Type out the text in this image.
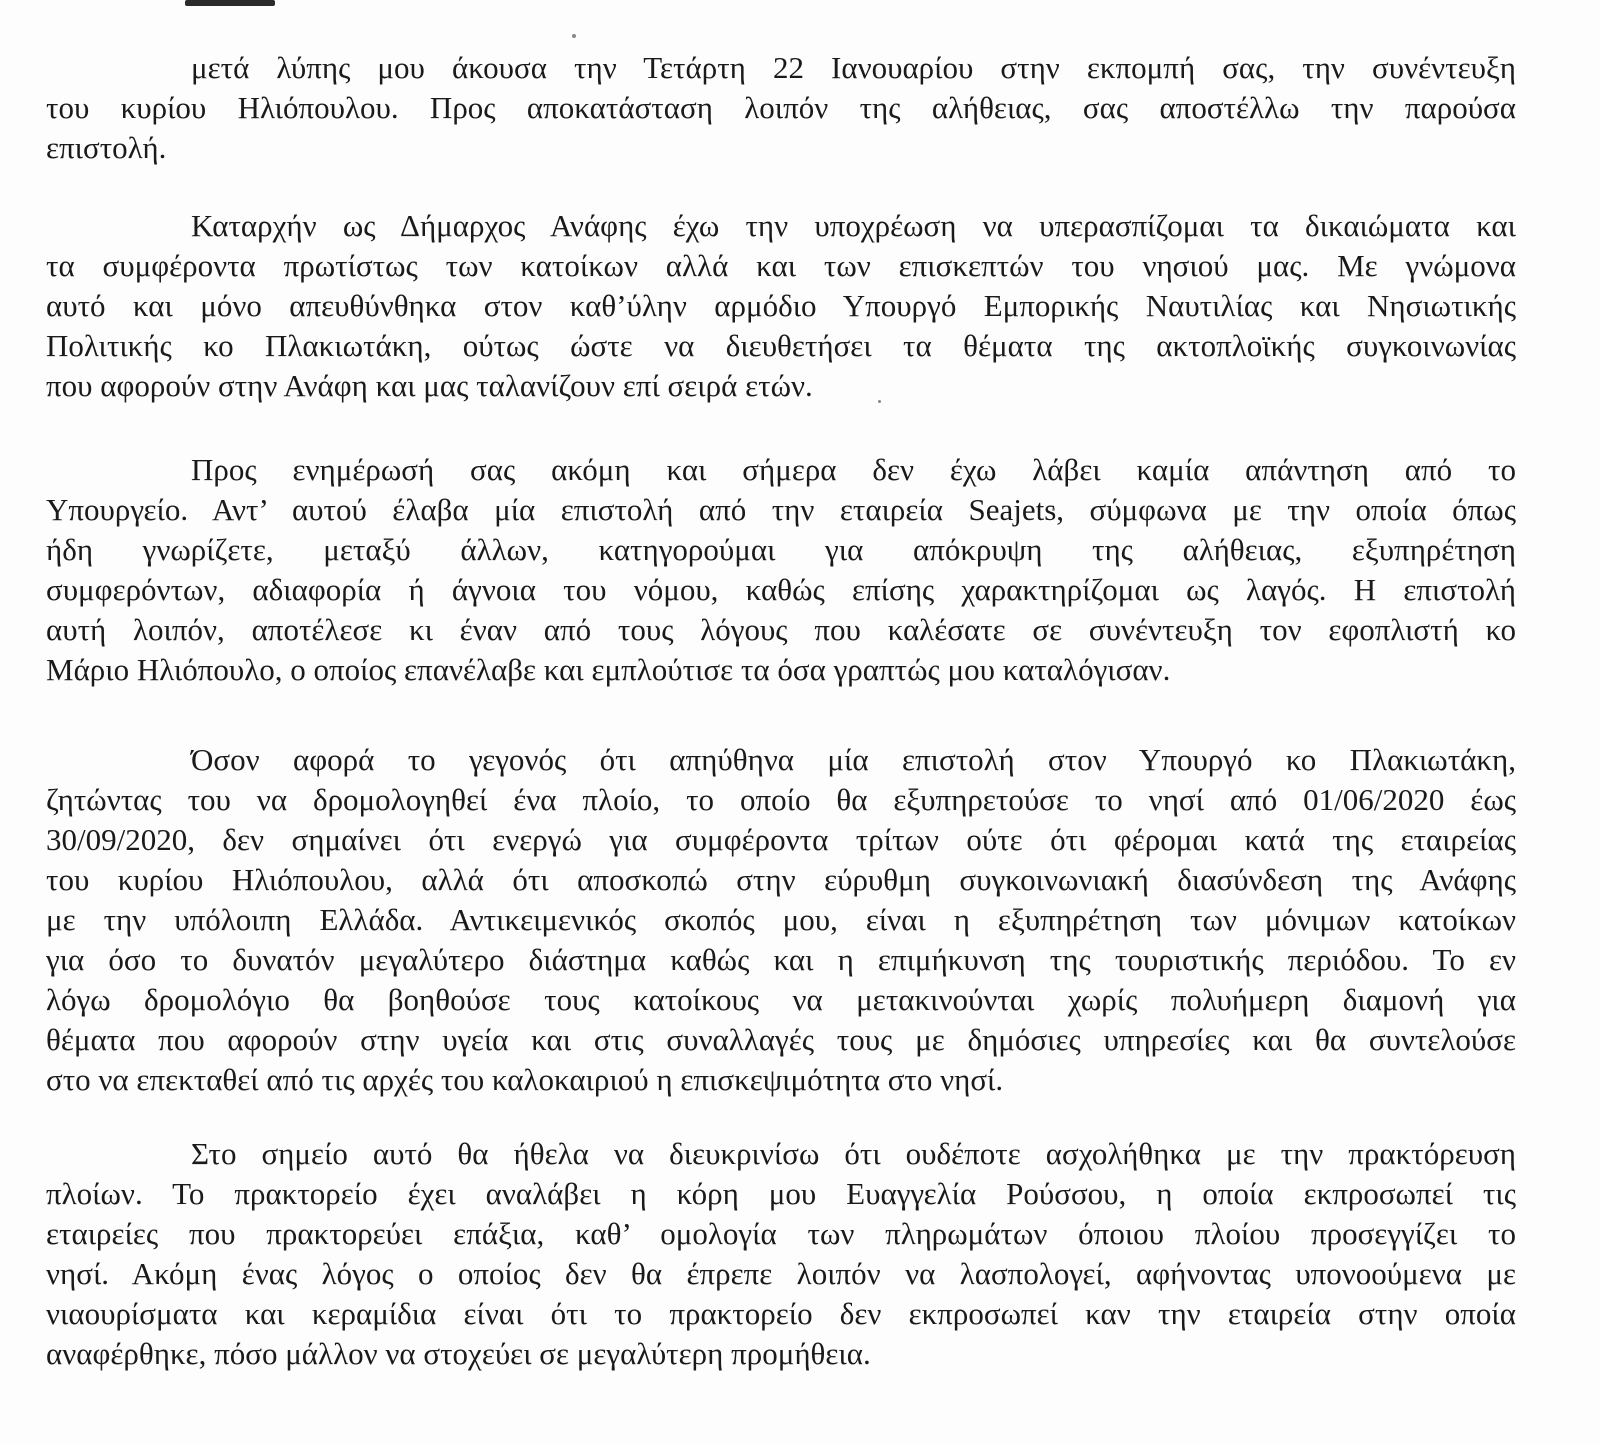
μετά λύπης μου άκουσα την Τετάρτη 22 Ιανουαρίου στην εκπομπή σας, την συνέντευξη
του κυρίου Ηλιόπουλου. Προς αποκατάσταση λοιπόν της αλήθειας, σας αποστέλλω την παρούσα
επιστολή.
Καταρχήν ως Δήμαρχος Ανάφης έχω την υποχρέωση να υπερασπίζομαι τα δικαιώματα και
τα συμφέροντα πρωτίστως των κατοίκων αλλά και των επισκεπτών του νησιού μας. Με γνώμονα
αυτό και μόνο απευθύνθηκα στον καθ’ύλην αρμόδιο Υπουργό Εμπορικής Ναυτιλίας και Νησιωτικής
Πολιτικής κο Πλακιωτάκη, ούτως ώστε να διευθετήσει τα θέματα της ακτοπλοϊκής συγκοινωνίας
που αφορούν στην Ανάφη και μας ταλανίζουν επί σειρά ετών.
Προς ενημέρωσή σας ακόμη και σήμερα δεν έχω λάβει καμία απάντηση από το
Υπουργείο. Αντ’ αυτού έλαβα μία επιστολή από την εταιρεία Seajets, σύμφωνα με την οποία όπως
ήδη γνωρίζετε, μεταξύ άλλων, κατηγορούμαι για απόκρυψη της αλήθειας, εξυπηρέτηση
συμφερόντων, αδιαφορία ή άγνοια του νόμου, καθώς επίσης χαρακτηρίζομαι ως λαγός. Η επιστολή
αυτή λοιπόν, αποτέλεσε κι έναν από τους λόγους που καλέσατε σε συνέντευξη τον εφοπλιστή κο
Μάριο Ηλιόπουλο, ο οποίος επανέλαβε και εμπλούτισε τα όσα γραπτώς μου καταλόγισαν.
Όσον αφορά το γεγονός ότι απηύθηνα μία επιστολή στον Υπουργό κο Πλακιωτάκη,
ζητώντας του να δρομολογηθεί ένα πλοίο, το οποίο θα εξυπηρετούσε το νησί από 01/06/2020 έως
30/09/2020, δεν σημαίνει ότι ενεργώ για συμφέροντα τρίτων ούτε ότι φέρομαι κατά της εταιρείας
του κυρίου Ηλιόπουλου, αλλά ότι αποσκοπώ στην εύρυθμη συγκοινωνιακή διασύνδεση της Ανάφης
με την υπόλοιπη Ελλάδα. Αντικειμενικός σκοπός μου, είναι η εξυπηρέτηση των μόνιμων κατοίκων
για όσο το δυνατόν μεγαλύτερο διάστημα καθώς και η επιμήκυνση της τουριστικής περιόδου. Το εν
λόγω δρομολόγιο θα βοηθούσε τους κατοίκους να μετακινούνται χωρίς πολυήμερη διαμονή για
θέματα που αφορούν στην υγεία και στις συναλλαγές τους με δημόσιες υπηρεσίες και θα συντελούσε
στο να επεκταθεί από τις αρχές του καλοκαιριού η επισκεψιμότητα στο νησί.
Στο σημείο αυτό θα ήθελα να διευκρινίσω ότι ουδέποτε ασχολήθηκα με την πρακτόρευση
πλοίων. Το πρακτορείο έχει αναλάβει η κόρη μου Ευαγγελία Ρούσσου, η οποία εκπροσωπεί τις
εταιρείες που πρακτορεύει επάξια, καθ’ ομολογία των πληρωμάτων όποιου πλοίου προσεγγίζει το
νησί. Ακόμη ένας λόγος ο οποίος δεν θα έπρεπε λοιπόν να λασπολογεί, αφήνοντας υπονοούμενα με
νιαουρίσματα και κεραμίδια είναι ότι το πρακτορείο δεν εκπροσωπεί καν την εταιρεία στην οποία
αναφέρθηκε, πόσο μάλλον να στοχεύει σε μεγαλύτερη προμήθεια.
